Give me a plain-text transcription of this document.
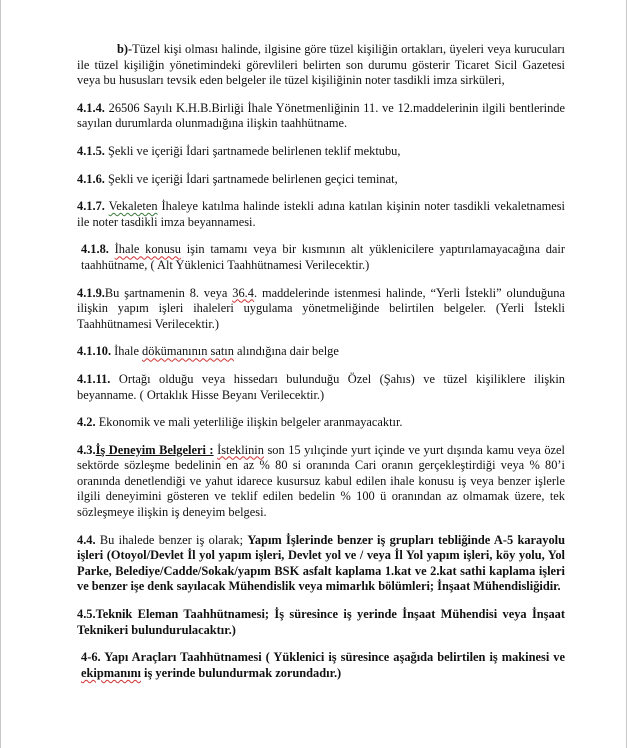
b)-Tüzel kişi olması halinde, ilgisine göre tüzel kişiliğin ortakları, üyeleri veya kurucuları ile tüzel kişiliğin yönetimindeki görevlileri belirten son durumu gösterir Ticaret Sicil Gazetesi veya bu hususları tevsik eden belgeler ile tüzel kişiliğinin noter tasdikli imza sirküleri,

4.1.4. 26506 Sayılı K.H.B.Birliği İhale Yönetmenliğinin 11. ve 12.maddelerinin ilgili bentlerinde sayılan durumlarda olunmadığına ilişkin taahhütname.

4.1.5. Şekli ve içeriği İdari şartnamede belirlenen teklif mektubu,

4.1.6. Şekli ve içeriği İdari şartnamede belirlenen geçici teminat,

4.1.7. Vekaleten İhaleye katılma halinde istekli adına katılan kişinin noter tasdikli vekaletnamesi ile noter tasdikli imza beyannamesi.

4.1.8. İhale konusu işin tamamı veya bir kısmının alt yüklenicilere yaptırılamayacağına dair taahhütname, ( Alt Yüklenici Taahhütnamesi Verilecektir.)

4.1.9.Bu şartnamenin 8. veya 36.4. maddelerinde istenmesi halinde, “Yerli İstekli” olunduğuna ilişkin yapım işleri ihaleleri uygulama yönetmeliğinde belirtilen belgeler. (Yerli İstekli Taahhütnamesi Verilecektir.)

4.1.10. İhale dökümanının satın alındığına dair belge

4.1.11. Ortağı olduğu veya hissedarı bulunduğu Özel (Şahıs) ve tüzel kişiliklere ilişkin beyanname. ( Ortaklık Hisse Beyanı Verilecektir.)

4.2. Ekonomik ve mali yeterliliğe ilişkin belgeler aranmayacaktır.

4.3.İş Deneyim Belgeleri : İsteklinin son 15 yılıçinde yurt içinde ve yurt dışında kamu veya özel sektörde sözleşme bedelinin en az % 80 si oranında Cari oranın gerçekleştirdiği veya % 80’i oranında denetlendiği ve yahut idarece kusursuz kabul edilen ihale konusu iş veya benzer işlerle ilgili deneyimini gösteren ve teklif edilen bedelin % 100 ü oranından az olmamak üzere, tek sözleşmeye ilişkin iş deneyim belgesi.

4.4. Bu ihalede benzer iş olarak; Yapım İşlerinde benzer iş grupları tebliğinde A-5 karayolu işleri (Otoyol/Devlet İl yol yapım işleri, Devlet yol ve / veya İl Yol yapım işleri, köy yolu, Yol Parke, Belediye/Cadde/Sokak/yapım BSK asfalt kaplama 1.kat ve 2.kat sathi kaplama işleri ve benzer işe denk sayılacak Mühendislik veya mimarlık bölümleri; İnşaat Mühendisliğidir.

4.5.Teknik Eleman Taahhütnamesi; İş süresince iş yerinde İnşaat Mühendisi veya İnşaat Teknikeri bulundurulacaktır.)

4-6. Yapı Araçları Taahhütnamesi ( Yüklenici iş süresince aşağıda belirtilen iş makinesi ve ekipmanını iş yerinde bulundurmak zorundadır.)
